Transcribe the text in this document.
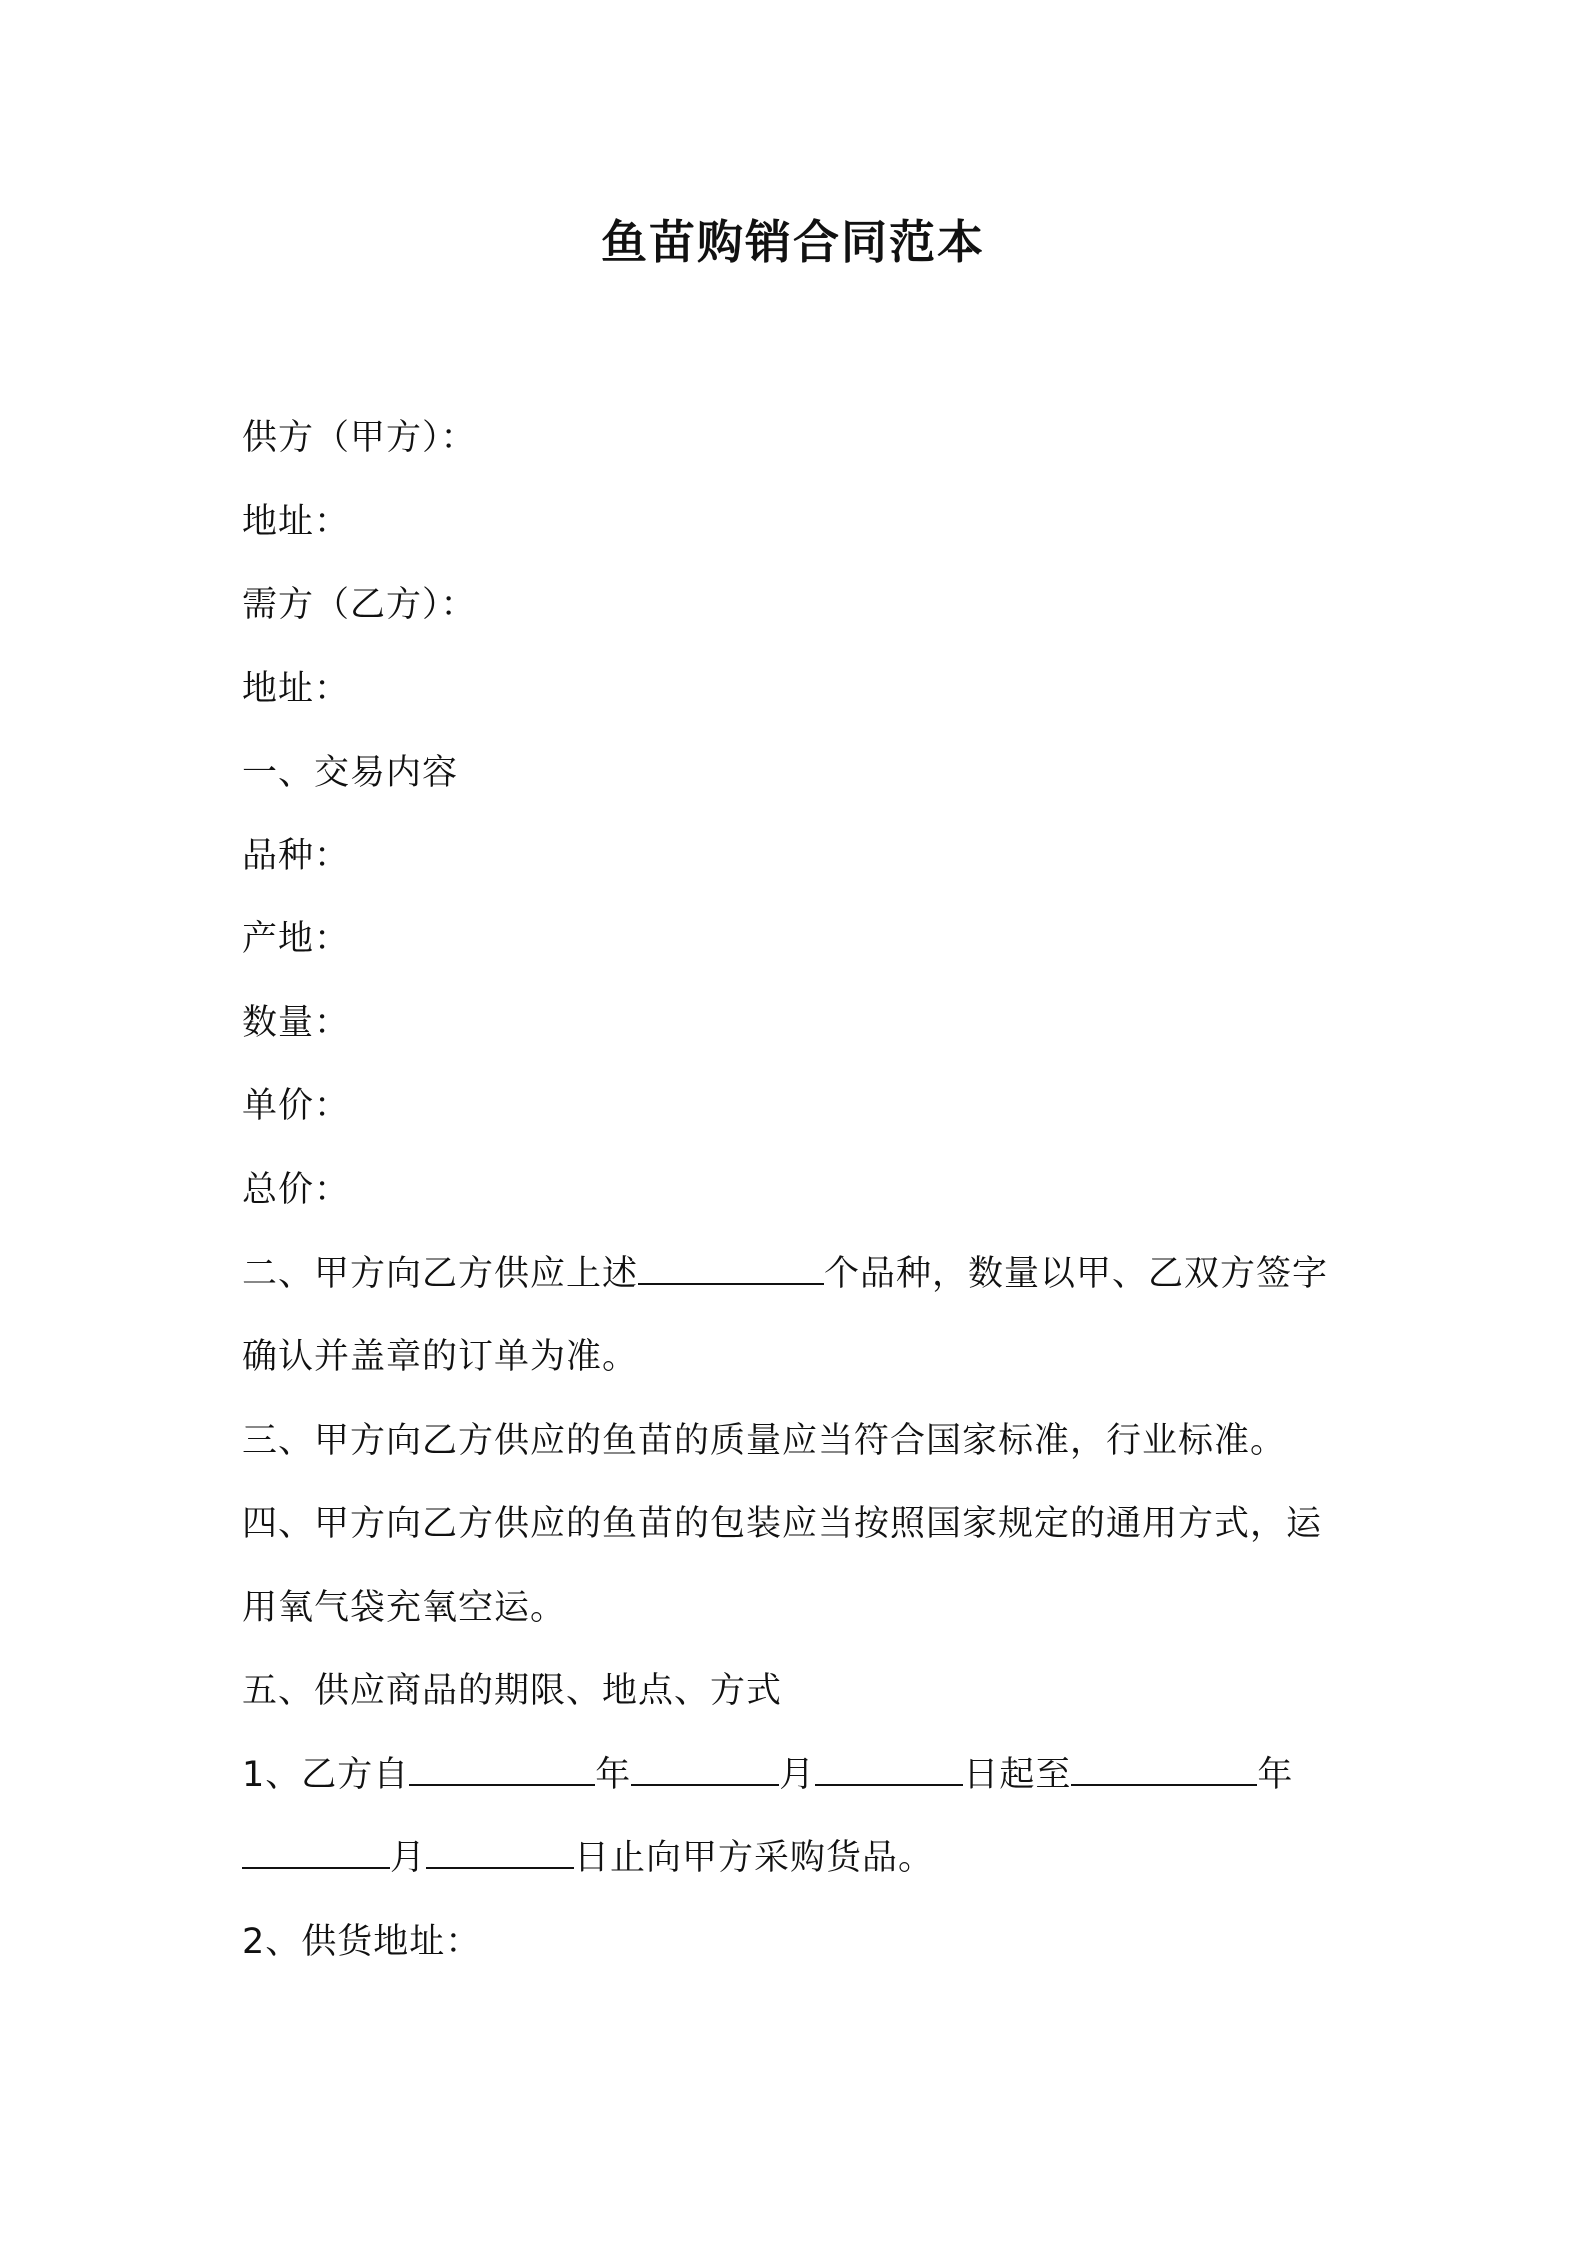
鱼苗购销合同范本
供方（甲方）：
地址：
需方（乙方）：
地址：
一、交易内容
品种：
产地：
数量：
单价：
总价：
二、甲方向乙方供应上述	个品种，数量以甲、乙双方签字
确认并盖章的订单为准。
三、甲方向乙方供应的鱼苗的质量应当符合国家标准，行业标准。
四、甲方向乙方供应的鱼苗的包装应当按照国家规定的通用方式，运
用氧气袋充氧空运。
五、供应商品的期限、地点、方式
1、乙方自	年	月	日起至	年
月	日止向甲方采购货品。
2、供货地址：
